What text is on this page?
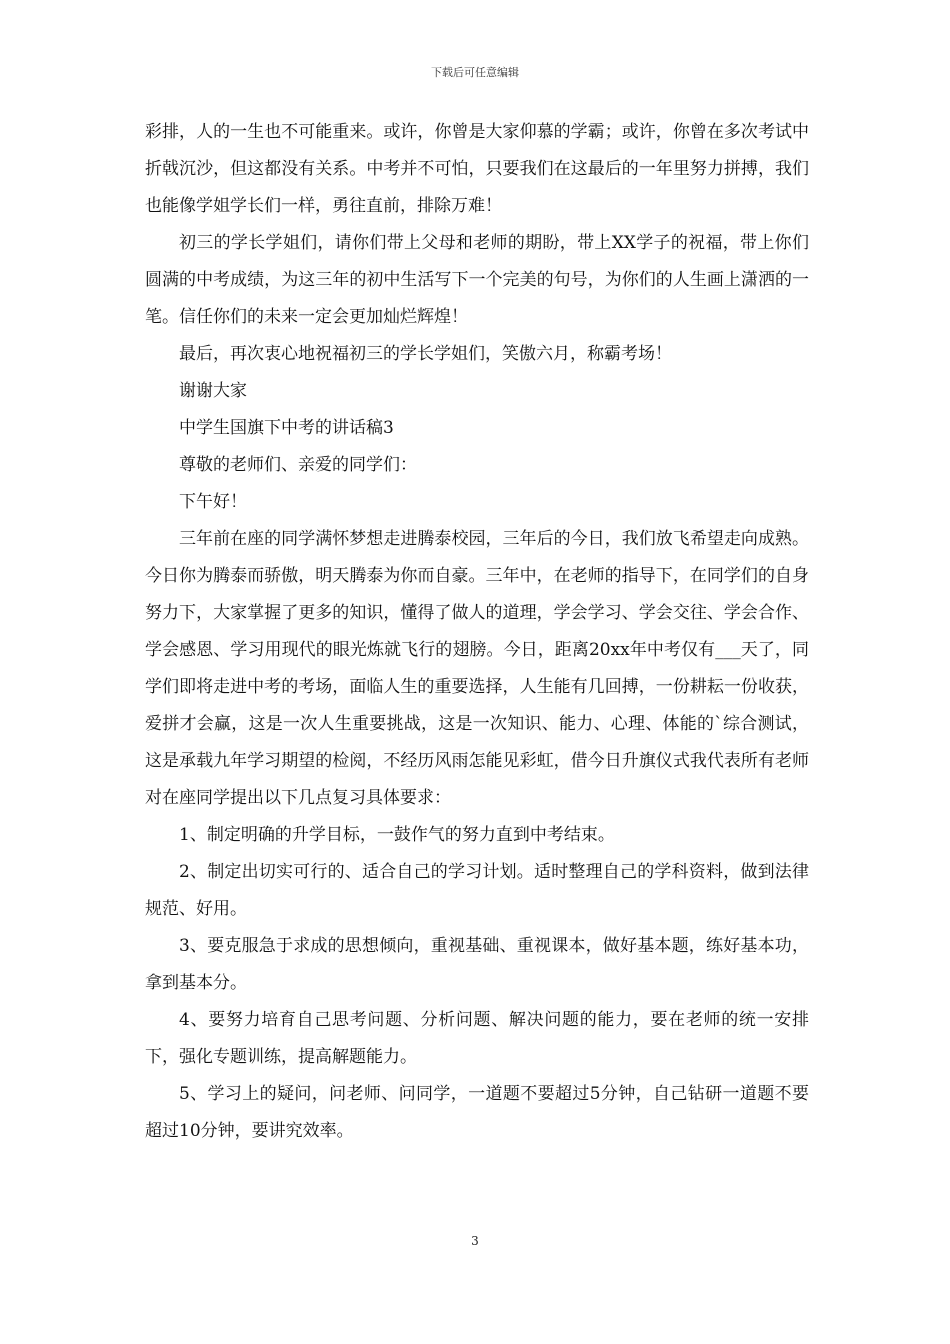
下载后可任意编辑

彩排，人的一生也不可能重来。或许，你曾是大家仰慕的学霸；或许，你曾在多次考试中折戟沉沙，但这都没有关系。中考并不可怕，只要我们在这最后的一年里努力拼搏，我们也能像学姐学长们一样，勇往直前，排除万难！

初三的学长学姐们，请你们带上父母和老师的期盼，带上XX学子的祝福，带上你们圆满的中考成绩，为这三年的初中生活写下一个完美的句号，为你们的人生画上潇洒的一笔。信任你们的未来一定会更加灿烂辉煌！

最后，再次衷心地祝福初三的学长学姐们，笑傲六月，称霸考场！

谢谢大家

中学生国旗下中考的讲话稿3

尊敬的老师们、亲爱的同学们：

下午好！

三年前在座的同学满怀梦想走进腾泰校园，三年后的今日，我们放飞希望走向成熟。今日你为腾泰而骄傲，明天腾泰为你而自豪。三年中，在老师的指导下，在同学们的自身努力下，大家掌握了更多的知识，懂得了做人的道理，学会学习、学会交往、学会合作、学会感恩、学习用现代的眼光炼就飞行的翅膀。今日，距离20xx年中考仅有___天了，同学们即将走进中考的考场，面临人生的重要选择，人生能有几回搏，一份耕耘一份收获，爱拼才会赢，这是一次人生重要挑战，这是一次知识、能力、心理、体能的`综合测试，这是承载九年学习期望的检阅，不经历风雨怎能见彩虹，借今日升旗仪式我代表所有老师对在座同学提出以下几点复习具体要求：

1、制定明确的升学目标，一鼓作气的努力直到中考结束。

2、制定出切实可行的、适合自己的学习计划。适时整理自己的学科资料，做到法律规范、好用。

3、要克服急于求成的思想倾向，重视基础、重视课本，做好基本题，练好基本功，拿到基本分。

4、要努力培育自己思考问题、分析问题、解决问题的能力，要在老师的统一安排下，强化专题训练，提高解题能力。

5、学习上的疑问，问老师、问同学，一道题不要超过5分钟，自己钻研一道题不要超过10分钟，要讲究效率。

3
